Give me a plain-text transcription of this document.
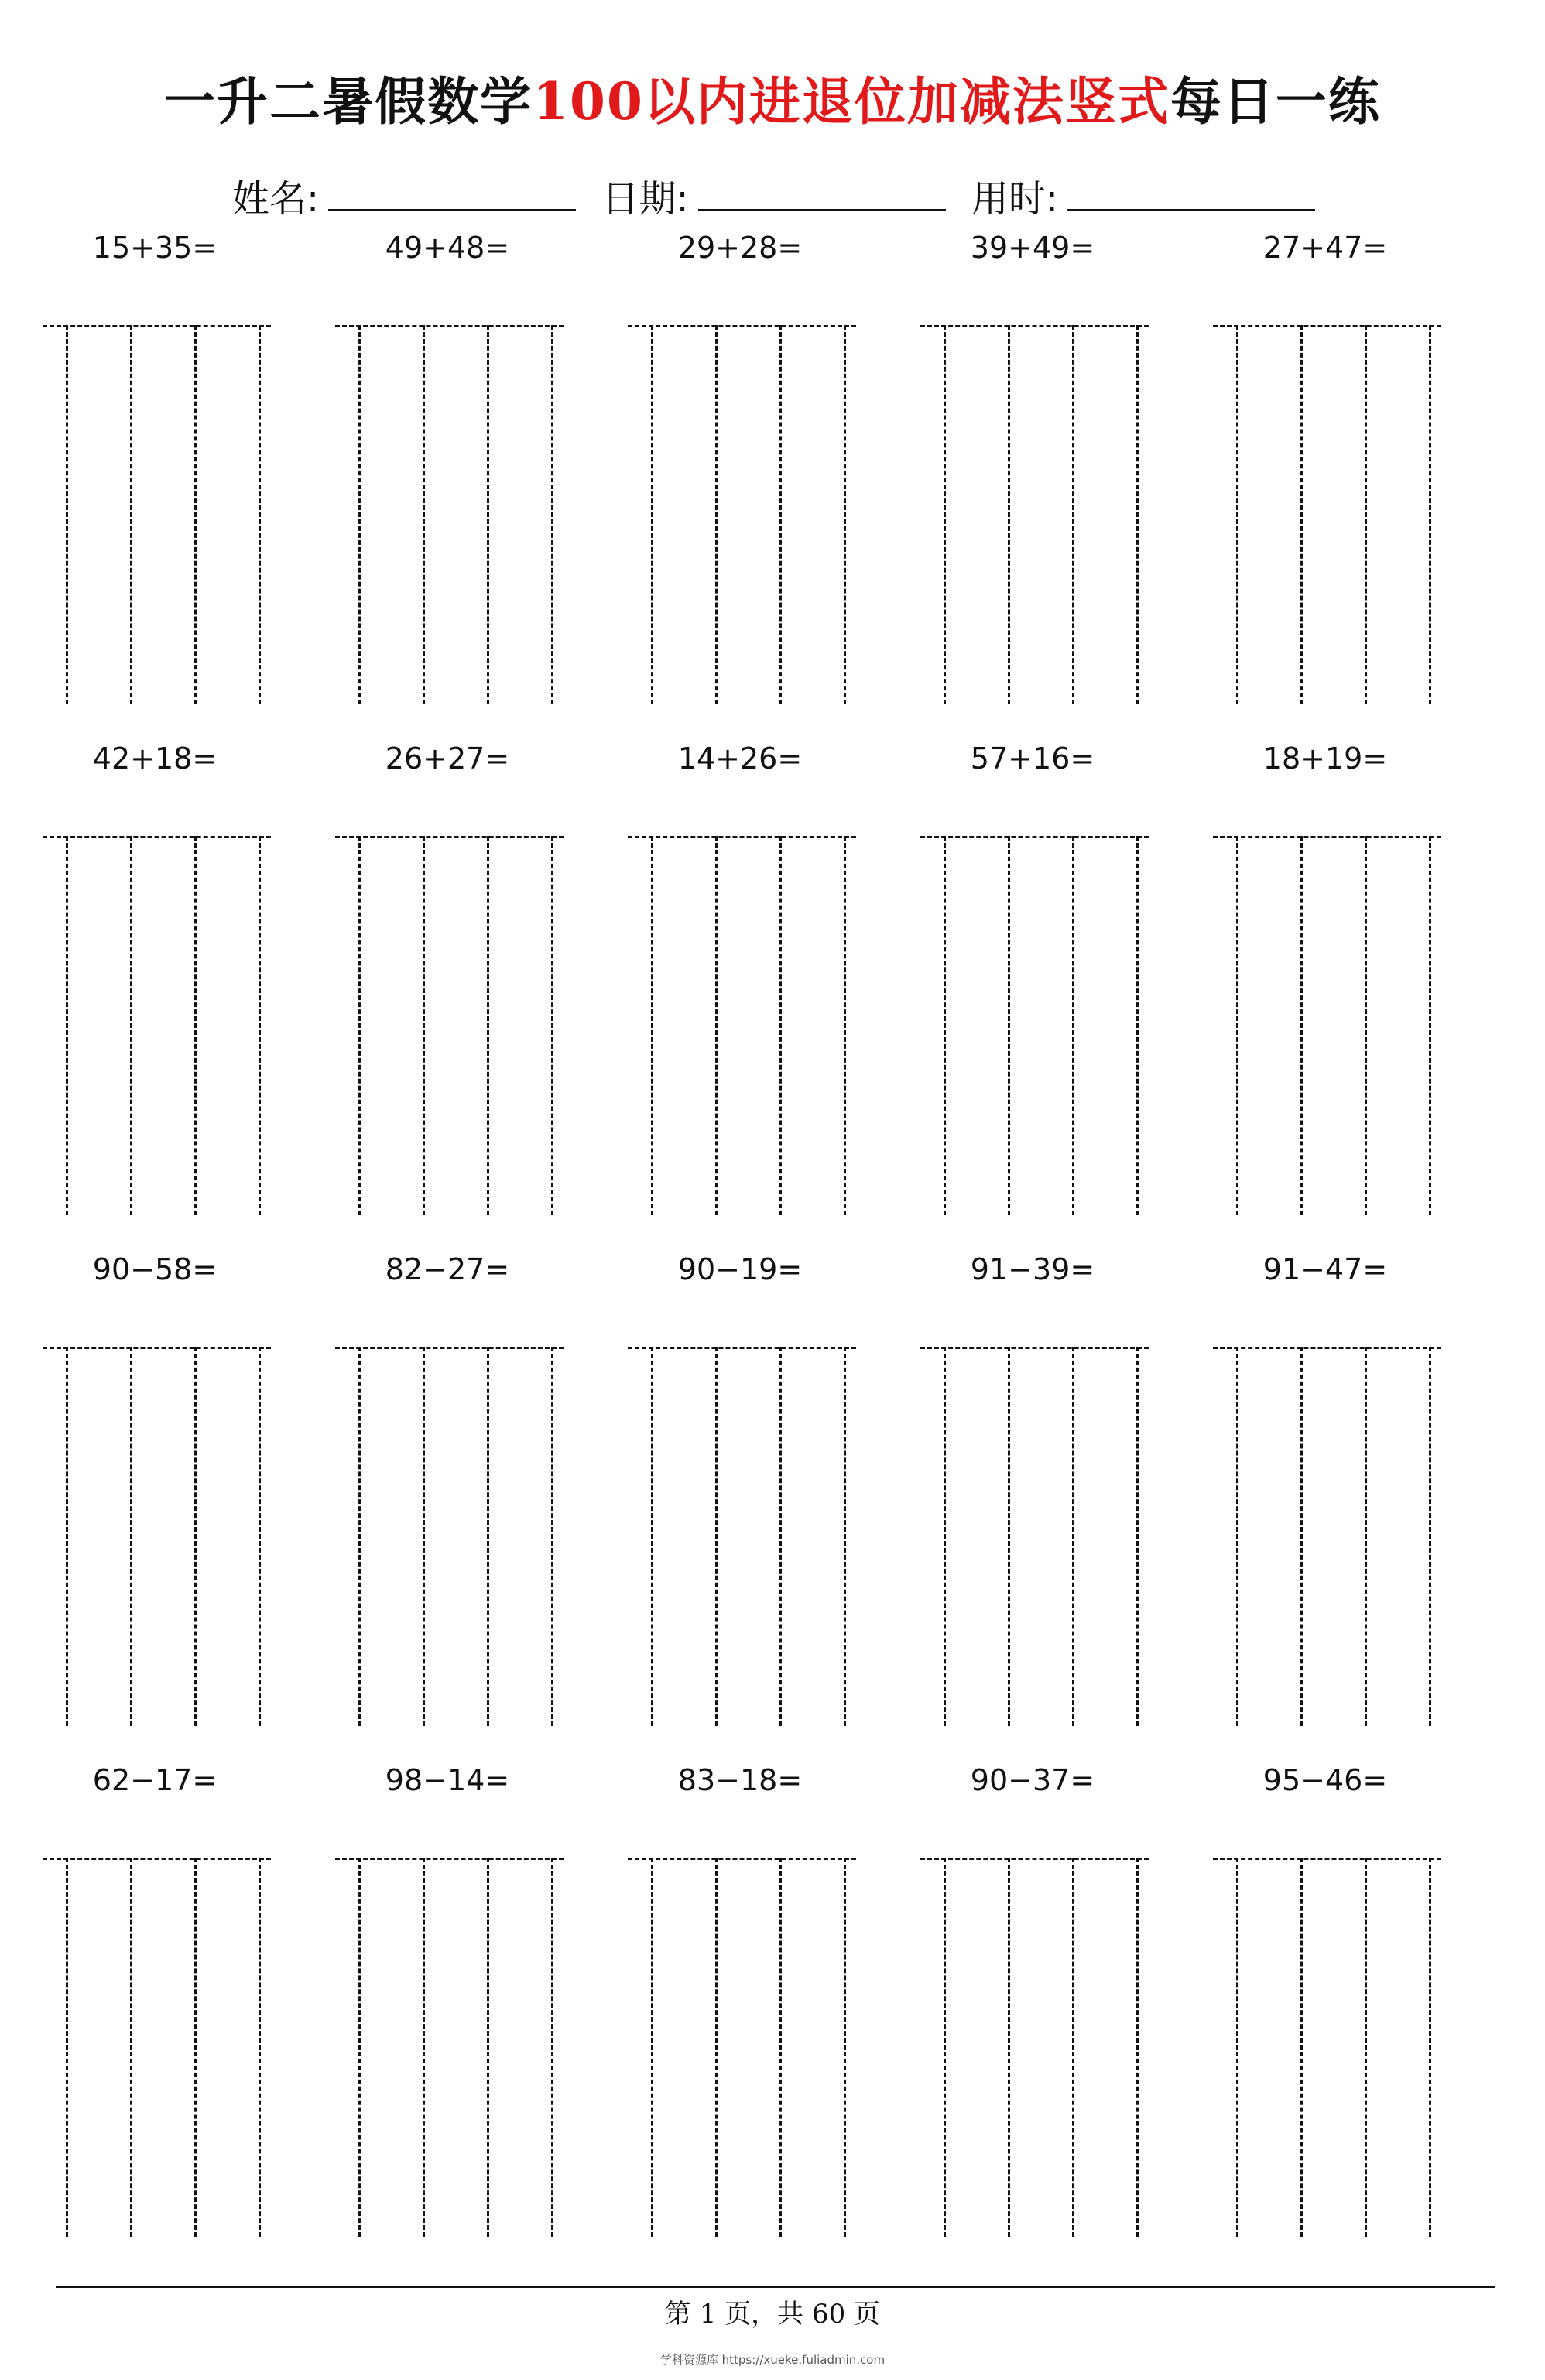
一升二暑假数学100以内进退位加减法竖式每日一练
姓名:	日期:	用时:
15+35=	49+48=	29+28=	39+49=	27+47=
42+18=	26+27=	14+26=	57+16=	18+19=
90−58=	82−27=	90−19=	91−39=	91−47=
62−17=	98−14=	83−18=	90−37=	95−46=
第 1 页，共 60 页
学科资源库 https://xueke.fuliadmin.com
